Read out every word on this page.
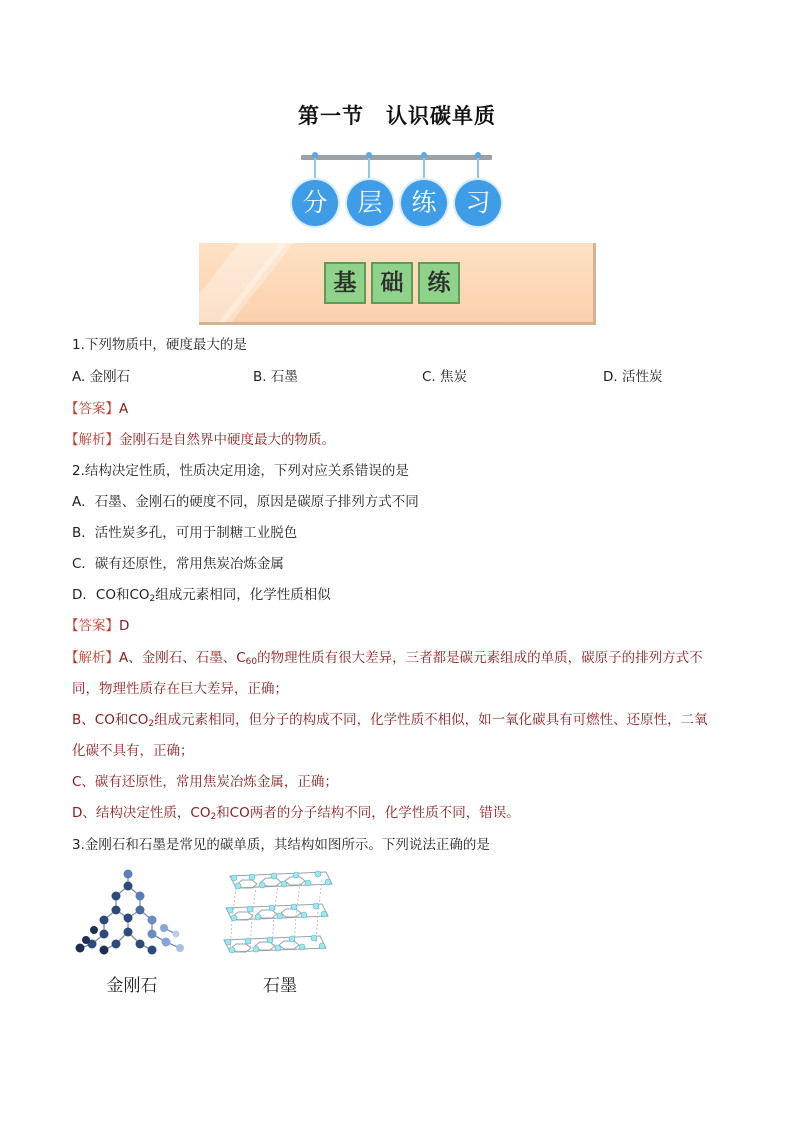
第一节　认识碳单质
分	层	练	习
基	础	练
1.下列物质中，硬度最大的是
A. 金刚石	B. 石墨	C. 焦炭	D. 活性炭
【答案】A
【解析】金刚石是自然界中硬度最大的物质。
2.结构决定性质，性质决定用途，下列对应关系错误的是
A．石墨、金刚石的硬度不同，原因是碳原子排列方式不同
B．活性炭多孔，可用于制糖工业脱色
C．碳有还原性，常用焦炭冶炼金属
D．CO和$CO_2$组成元素相同，化学性质相似
【答案】D
【解析】A、金刚石、石墨、$C_{60}$的物理性质有很大差异，三者都是碳元素组成的单质，碳原子的排列方式不
同，物理性质存在巨大差异，正确；
B、CO和$CO_2$组成元素相同，但分子的构成不同，化学性质不相似，如一氧化碳具有可燃性、还原性，二氧
化碳不具有，正确；
C、碳有还原性，常用焦炭冶炼金属，正确；
D、结构决定性质，$CO_2$和CO两者的分子结构不同，化学性质不同，错误。
3.金刚石和石墨是常见的碳单质，其结构如图所示。下列说法正确的是
金刚石	石墨
